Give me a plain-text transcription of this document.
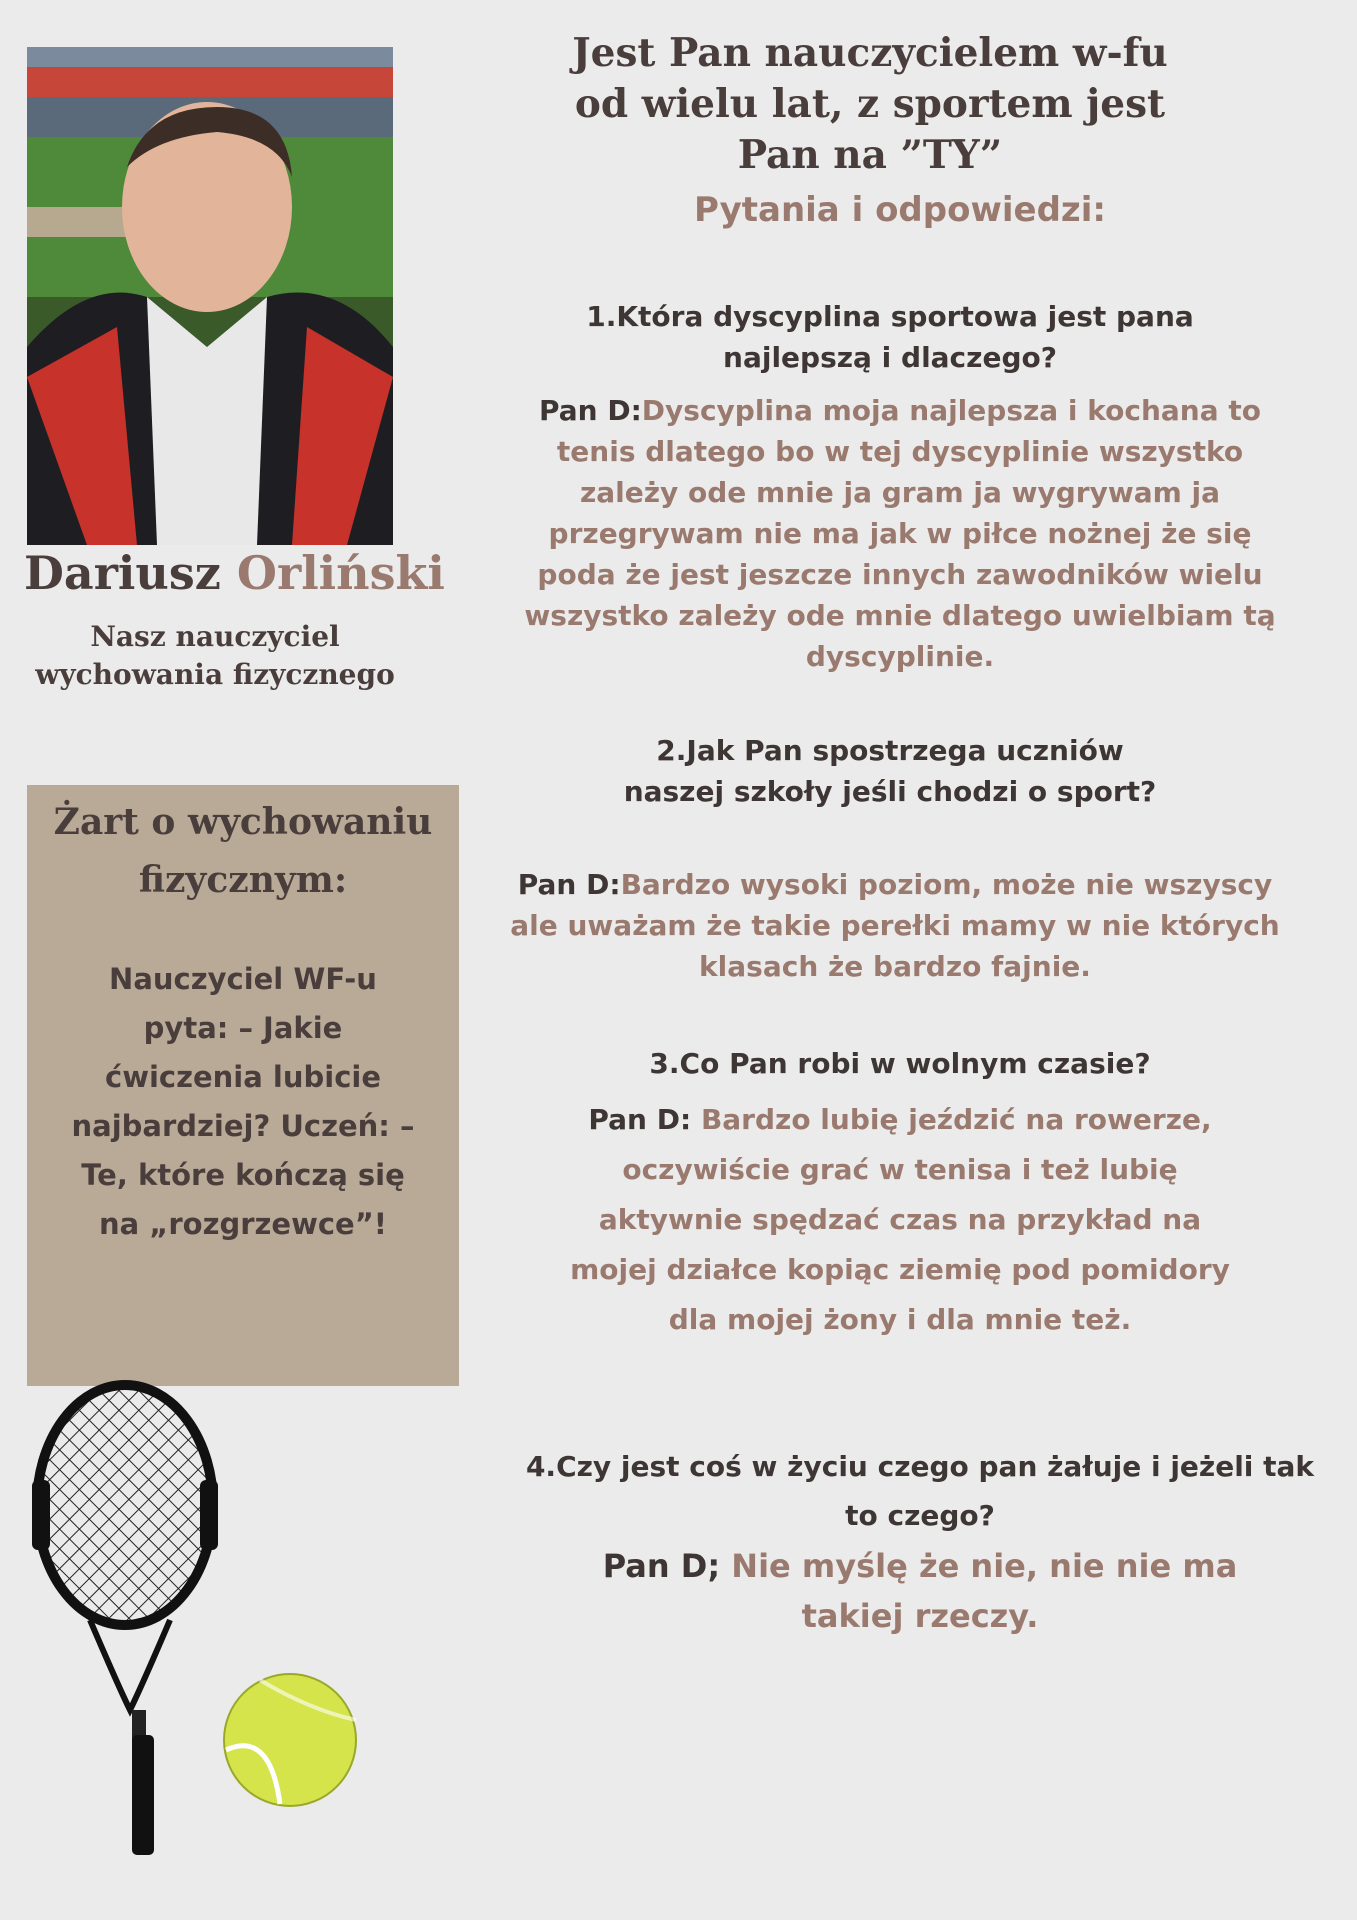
Dariusz Orliński
Nasz nauczyciel wychowania fizycznego
Żart o wychowaniu fizycznym:
Nauczyciel WF-u pyta: – Jakie ćwiczenia lubicie najbardziej? Uczeń: – Te, które kończą się na „rozgrzewce”!
Jest Pan nauczycielem w-fu od wielu lat, z sportem jest Pan na ”TY”
Pytania i odpowiedzi:
1.Która dyscyplina sportowa jest pana najlepszą i dlaczego?
Pan D:Dyscyplina moja najlepsza i kochana to tenis dlatego bo w tej dyscyplinie wszystko zależy ode mnie ja gram ja wygrywam ja przegrywam nie ma jak w piłce nożnej że się poda że jest jeszcze innych zawodników wielu wszystko zależy ode mnie dlatego uwielbiam tą dyscyplinie.
2.Jak Pan spostrzega uczniów naszej szkoły jeśli chodzi o sport?
Pan D:Bardzo wysoki poziom, może nie wszyscy ale uważam że takie perełki mamy w nie których klasach że bardzo fajnie.
3.Co Pan robi w wolnym czasie?
Pan D: Bardzo lubię jeździć na rowerze, oczywiście grać w tenisa i też lubię aktywnie spędzać czas na przykład na mojej działce kopiąc ziemię pod pomidory dla mojej żony i dla mnie też.
4.Czy jest coś w życiu czego pan żałuje i jeżeli tak to czego?
Pan D; Nie myślę że nie, nie nie ma takiej rzeczy.
